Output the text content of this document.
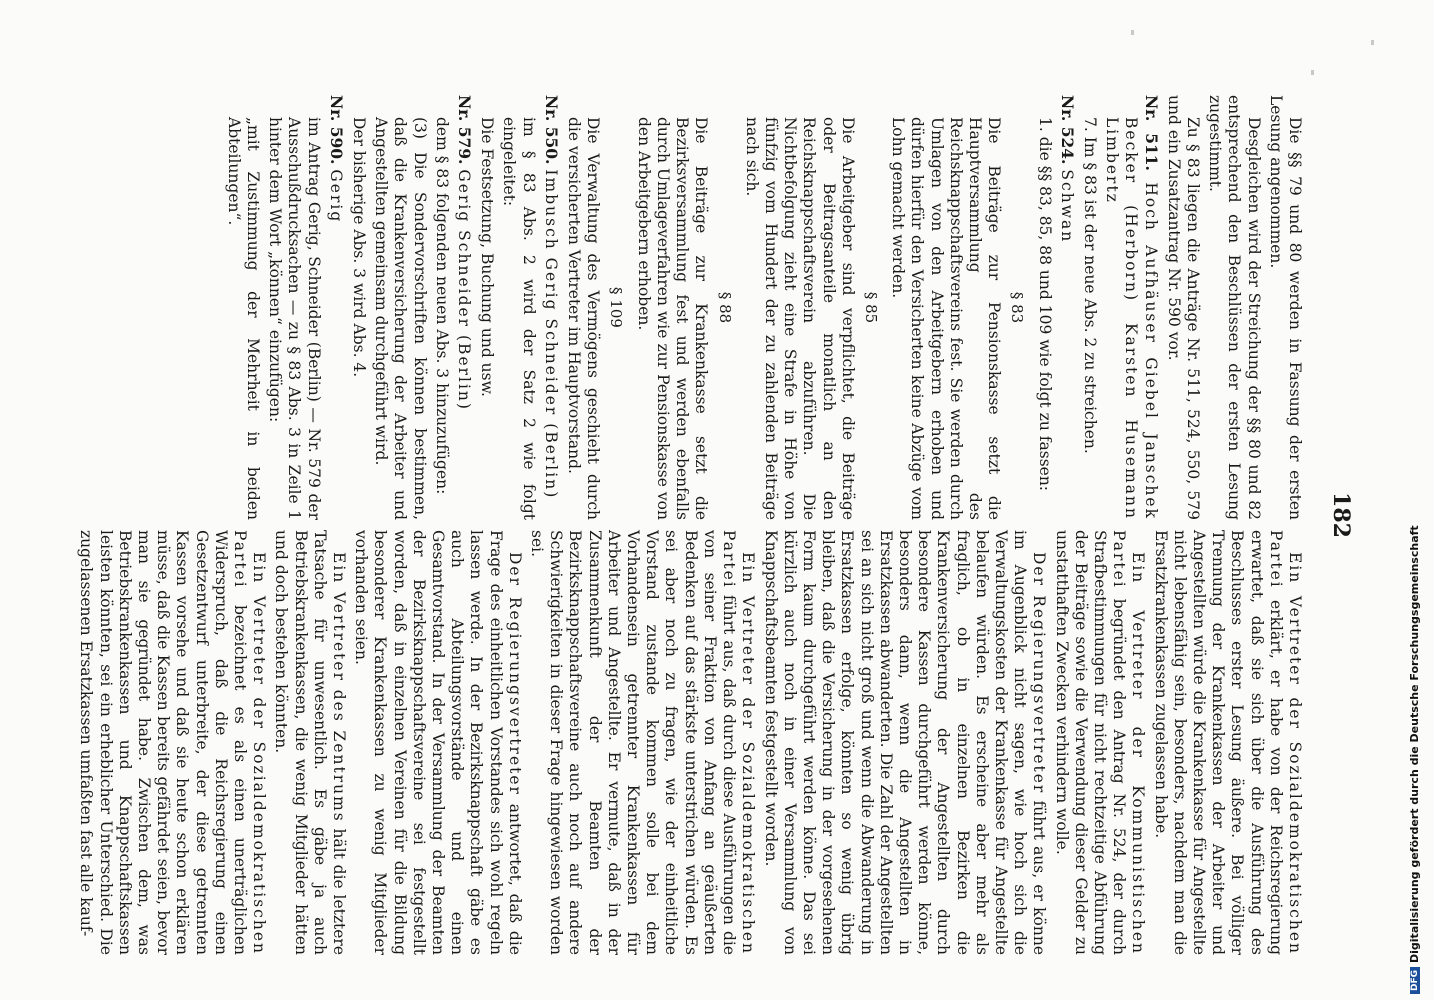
182

Die §§ 79 und 80 werden in Fassung der ersten Lesung angenommen.

Desgleichen wird der Streichung der §§ 80 und 82 entsprechend den Beschlüssen der ersten Lesung zugestimmt.

Zu § 83 liegen die Anträge Nr. 511, 524, 550, 579 und ein Zusatzantrag Nr. 590 vor.

Nr. 511. Hoch Aufhäuser Giebel Janschek Becker (Herborn) Karsten Husemann Limbertz

7. Im § 83 ist der neue Abs. 2 zu streichen.

Nr. 524. Schwan

1. die §§ 83, 85, 88 und 109 wie folgt zu fassen:

§ 83

Die Beiträge zur Pensionskasse setzt die Hauptversammlung des Reichsknappschaftsvereins fest. Sie werden durch Umlagen von den Arbeitgebern erhoben und dürfen hierfür den Versicherten keine Abzüge vom Lohn gemacht werden.

§ 85

Die Arbeitgeber sind verpflichtet, die Beiträge oder Beitragsanteile monatlich an den Reichsknappschaftsverein abzuführen. Die Nichtbefolgung zieht eine Strafe in Höhe von fünfzig vom Hundert der zu zahlenden Beiträge nach sich.

§ 88

Die Beiträge zur Krankenkasse setzt die Bezirksversammlung fest und werden ebenfalls durch Umlageverfahren wie zur Pensionskasse von den Arbeitgebern erhoben.

§ 109

Die Verwaltung des Vermögens geschieht durch die versicherten Vertreter im Hauptvorstand.

Nr. 550. Imbusch Gerig Schneider (Berlin)

im § 83 Abs. 2 wird der Satz 2 wie folgt eingeleitet:

Die Festsetzung, Buchung und usw.

Nr. 579. Gerig Schneider (Berlin)

dem § 83 folgenden neuen Abs. 3 hinzuzufügen:

(3) Die Sondervorschriften können bestimmen, daß die Krankenversicherung der Arbeiter und Angestellten gemeinsam durchgeführt wird.

Der bisherige Abs. 3 wird Abs. 4.

Nr. 590. Gerig

im Antrag Gerig, Schneider (Berlin) — Nr. 579 der Ausschußdrucksachen — zu § 83 Abs. 3 in Zeile 1 hinter dem Wort „können“ einzufügen:

„mit Zustimmung der Mehrheit in beiden Abteilungen“.

Ein Vertreter der Sozialdemokratischen Partei erklärt, er habe von der Reichsregierung erwartet, daß sie sich über die Ausführung des Beschlusses erster Lesung äußere. Bei völliger Trennung der Krankenkassen der Arbeiter und Angestellten würde die Krankenkasse für Angestellte nicht lebensfähig sein, besonders, nachdem man die Ersatzkrankenkassen zugelassen habe.

Ein Vertreter der Kommunistischen Partei begründet den Antrag Nr. 524, der durch Strafbestimmungen für nicht rechtzeitige Abführung der Beiträge sowie die Verwendung dieser Gelder zu unstatthaften Zwecken verhindern wolle.

Der Regierungsvertreter führt aus, er könne im Augenblick nicht sagen, wie hoch sich die Verwaltungskosten der Krankenkasse für Angestellte belaufen würden. Es erscheine aber mehr als fraglich, ob in einzelnen Bezirken die Krankenversicherung der Angestellten durch besondere Kassen durchgeführt werden könne, besonders dann, wenn die Angestellten in Ersatzkassen abwanderten. Die Zahl der Angestellten sei an sich nicht groß und wenn die Abwanderung in Ersatzkassen erfolge, könnten so wenig übrig bleiben, daß die Versicherung in der vorgesehenen Form kaum durchgeführt werden könne. Das sei kürzlich auch noch in einer Versammlung von Knappschaftsbeamten festgestellt worden.

Ein Vertreter der Sozialdemokratischen Partei führt aus, daß durch diese Ausführungen die von seiner Fraktion von Anfang an geäußerten Bedenken auf das stärkste unterstrichen würden. Es sei aber noch zu fragen, wie der einheitliche Vorstand zustande kommen solle bei dem Vorhandensein getrennter Krankenkassen für Arbeiter und Angestellte. Er vermute, daß in der Zusammenkunft der Beamten der Bezirksknappschaftsvereine auch noch auf andere Schwierigkeiten in dieser Frage hingewiesen worden sei.

Der Regierungsvertreter antwortet, daß die Frage des einheitlichen Vorstandes sich wohl regeln lassen werde. In der Bezirksknappschaft gäbe es auch Abteilungsvorstände und einen Gesamtvorstand. In der Versammlung der Beamten der Bezirksknappschaftsvereine sei festgestellt worden, daß in einzelnen Vereinen für die Bildung besonderer Krankenkassen zu wenig Mitglieder vorhanden seien.

Ein Vertreter des Zentrums hält die letztere Tatsache für unwesentlich. Es gäbe ja auch Betriebskrankenkassen, die wenig Mitglieder hätten und doch bestehen könnten.

Ein Vertreter der Sozialdemokratischen Partei bezeichnet es als einen unerträglichen Widerspruch, daß die Reichsregierung einen Gesetzentwurf unterbreite, der diese getrennten Kassen vorsehe und daß sie heute schon erklären müsse, daß die Kassen bereits gefährdet seien, bevor man sie gegründet habe. Zwischen dem, was Betriebskrankenkassen und Knappschaftskassen leisten könnten, sei ein erheblicher Unterschied. Die zugelassenen Ersatzkassen umfaßten fast alle kauf-

DFGDigitalisierung gefördert durch die Deutsche Forschungsgemeinschaft
